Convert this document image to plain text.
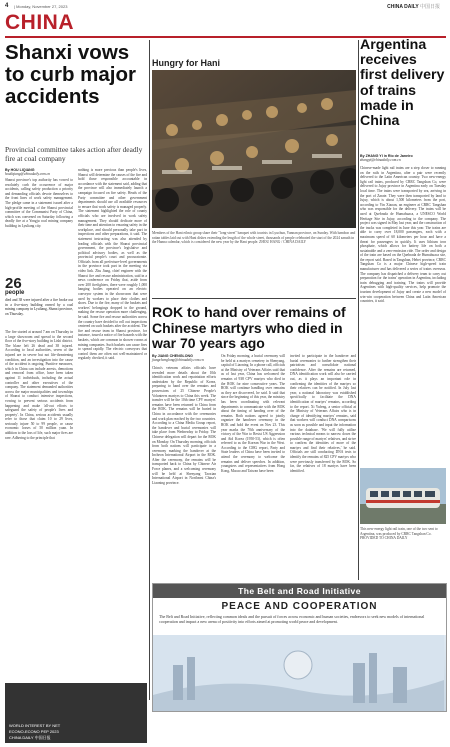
4 | Monday, November 27, 2023	CHINA DAILY 中国日报
CHINA
Shanxi vows to curb major accidents
Provincial committee takes action after deadly fire at coal company
By HOU LIQIANG
houliqiang@chinadaily.com.cn
Shanxi province's top authority has vowed to resolutely curb the occurrence of major accidents, calling safety production a priority and demanding officials devote themselves to the front lines of work safety management. The pledge came in a statement issued after a high-profile meeting of the Shanxi provincial committee of the Communist Party of China, which was convened on Saturday following a deadly fire at a Yongju coal mining company building in Lyuliang city.
26
people
died and 38 were injured after a fire broke out in a five-story building owned by a coal mining company in Lyuliang, Shanxi province, on Thursday.
The fire started at around 7 am on Thursday in a large showroom and spread to the second floor of the five-story building in Lishi district. The blaze left 26 dead and 38 injured. According to local authorities, seven of the injured are in severe but not life-threatening condition, and an investigation into the cause of the accident is ongoing. Punitive measures, which in China can include arrests, demotions and removal from office, have been taken against 11 individuals, including the actual controller and other executives of the company. The statement demanded authorities across the major municipalities and townships of Shanxi to conduct intensive inspections, vowing to prevent serious accidents from happening and make 'all-out efforts to safeguard the safety of people's lives and property'. In China, serious accidents usually refer to those that claim 10 to 29 lives, seriously injure 50 to 99 people, or cause economic losses of 50 million yuan. In addition to the loss of life, such major fires are rare. Adhering to the principle that
nothing is more precious than people's lives, Shanxi will determine the causes of the fire and hold those responsible accountable in accordance with the statement said, adding that the province will also immediately launch a campaign focused on fire safety. Heads of the Party committee and other government departments should use all available resources to ensure that work safety is managed properly. The statement highlighted the role of county officials who are involved in work safety management. They should dedicate more of their time and attention to ensuring safety in the workplace, and should personally take part in inspections and other preparations, it said. The statement instructing was also attended by leading officials with the Shanxi provincial government, the province's legislative and political advisory bodies, as well as the provincial people's court and procuratorate. Officials from all prefecture-level governments in the province took part in the meeting via video link. Zhu Jiang, chief engineer with the Shanxi fire and rescue administration, said in a news conference on Friday that, aside from over 200 firefighters, there were roughly 1,000 hanging bodies operated on an electric conveyor system in the showroom that were used by workers to place their clothes and shoes. Due to the fire, many of the baskets and workers' belongings dropped to the ground, making the rescue operation more challenging, he said. Some fire and rescue authorities across the country have decided to roll out inspections centered on such baskets after the accident. The fire and rescue team in Shanxi province, for instance, issued a notice of fire hazards with the baskets, which are common in shower rooms at mining companies. Such baskets can cause fires to spread rapidly. The electric conveyors that control them are often not well-maintained or regularly checked, it said.
WORLD INTEREST BY NET
ECONO-ECONO PEP 2023
CHINA DAILY 中国日报
Hungry for Hani
Members of the Hani ethnic group share their "long-street" banquet with tourists in Lyuchun, Yunnan province, on Sunday. With bamboo and rattan tables laid out with Hani dishes extending the length of the whole street, thousands of people celebrated the start of the 2024 zanuth in the Hanna calendar, which is considered the new year by the Hani people. ZHOU HANG / CHINA DAILY
ROK to hand over remains of Chinese martyrs who died in war 70 years ago
By JIANG CHENGLONG
jiangchenglong@chinadaily.com.cn
China's veterans affairs officials have revealed more details about the 10th identification work and repatriation efforts undertaken by the Republic of Korea, preparing to hand over the remains and possessions of 25 Chinese People's Volunteers martyrs to China this week. The transfer will be the 10th time CPV martyrs' remains have been returned to China from the ROK. The remains will be buried in China in accordance with the ceremonies and work plan reached by the two countries. According to a China Media Group report, the handover and burial ceremonies will take place from Wednesday to Friday. The Chinese delegation will depart for the ROK on Monday. On Thursday morning, officials from both nations will participate in a ceremony marking the handover at the Incheon International Airport in the ROK. After the ceremony, the remains will be transported back to China by Chinese Air Force planes, and a welcoming ceremony will be held at Shenyang Taoxian International Airport in Northeast China's Liaoning province.
On Friday morning, a burial ceremony will be held at a martyrs cemetery in Shenyang, capital of Liaoning. In a phone call, officials at the Ministry of Veterans Affairs said that as of last year, China has welcomed the remains of 938 CPV martyrs who died in the ROK for nine consecutive years. The ROK will continue handling over remains as they are discovered, he said. It said that since the beginning of this year, the ministry has been coordinating with relevant departments to communicate with the ROK about the timing of handing over of the remains. Both nations agreed to jointly organize the handover ceremony in the ROK and hold the event on Nov 23. This year marks the 70th anniversary of the victory of the War to Resist US Aggression and Aid Korea (1950-53), which is often referred to as the Korean War in the West. According to the CMG report, Party and State leaders of China have been invited to attend the ceremony to welcome the remains and deliver speeches. In addition, youngsters and representatives from Hong Kong, Macao and Taiwan have been
invited to participate in the handover and burial ceremonies to further strengthen their patriotism and consolidate national confidence. After the remains are returned, DNA identification work will also be carried out, as it plays an important role in confirming the identities of the martyrs so their relatives can be notified. In July last year, a national laboratory was established specifically to facilitate the DNA identification of martyrs' remains, according to the report. Xi Yufeng, a senior official at the Ministry of Veterans Affairs who is in charge of identifying martyrs' remains, said that workers will conduct DNA comparisons as soon as possible and input the information into the database. 'We will fully utilize various technical means to narrow down the possible range of martyrs' relatives, and strive to confirm the identities of more of the martyrs and find their relatives,' he said. Officials are still conducting DNA tests to identify the remains of 825 CPV martyrs who were previously transferred by the ROK. So far, the relatives of 18 martyrs have been identified.
Argentina receives first delivery of trains made in China
By ZHANG YI in Rio de Janeiro
zhangyi@chinadaily.com.cn
Chinese-made light rail trains are a step closer to running on the rails in Argentina, after a pair were recently delivered to the Latin American country. Two new-energy light rail trains, produced by CRRC Tangshan Co, were delivered to Jujuy province in Argentina early on Tuesday local time. The trains were transported by sea, arriving in the port of Zarate. They were then transported by land to Jujuy, which is about 1,500 kilometers from the port, according to Yin Xiaoan, an engineer at CRRC Tangshan who was responsible for the delivery. The trains will be used at Quebrada de Humahuaca, a UNESCO World Heritage Site in Jujuy, according to the company. The project was signed in May last year, and the construction of the tracks was completed in June this year. The trains are able to carry over 18,000 passengers, each with a maximum speed of 60 kilometers per hour and have a threat for passengers in quickly. It uses lithium iron phosphate, which allows for battery life on both a sustainable and a zero-emission ride. The order and design of the train are based on the Quebrada de Humahuaca site, the report said. Based in Tangshan, Hebei province, CRRC Tangshan Co is a major Chinese high-speed train manufacturer and has delivered a series of trains overseas. The company has dispatched a delivery team to carry out preparation for the trains' operation in Argentina, including train debugging and training. The trains will provide Argentines with high-quality services, help promote the tourism development of Jujuy and create a new model of win-win cooperation between China and Latin American countries, it said.
This new-energy light rail train, one of the two sent to Argentina, was produced by CRRC Tangshan Co. PROVIDED TO CHINA DAILY
The Belt and Road Initiative
PEACE AND COOPERATION
The Belt and Road Initiative, reflecting common ideals and the pursuit of forces across economic and human societies, endeavors to seek new models of international cooperation and impact a new arena of positivity into efforts aimed at promoting world peace and development.
